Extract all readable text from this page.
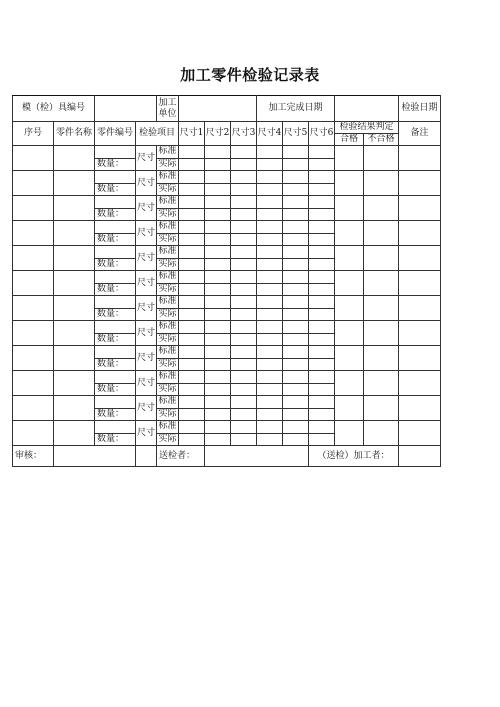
加工零件检验记录表
模（检）具编号				加工单位				加工完成日期					检验日期
序号	零件名称	零件编号	检验项目		尺寸1	尺寸2	尺寸3	尺寸4	尺寸5	尺寸6	检验结果判定		备注
											合格	不合格	
			尺寸	标准									
		数量：		实际									
			尺寸	标准									
		数量：		实际									
			尺寸	标准									
		数量：		实际									
			尺寸	标准									
		数量：		实际									
			尺寸	标准									
		数量：		实际									
			尺寸	标准									
		数量：		实际									
			尺寸	标准									
		数量：		实际									
			尺寸	标准									
		数量：		实际									
			尺寸	标准									
		数量：		实际									
			尺寸	标准									
		数量：		实际									
			尺寸	标准									
		数量：		实际									
			尺寸	标准									
		数量：		实际									
审核：				送检者：						（送检）加工者：			
